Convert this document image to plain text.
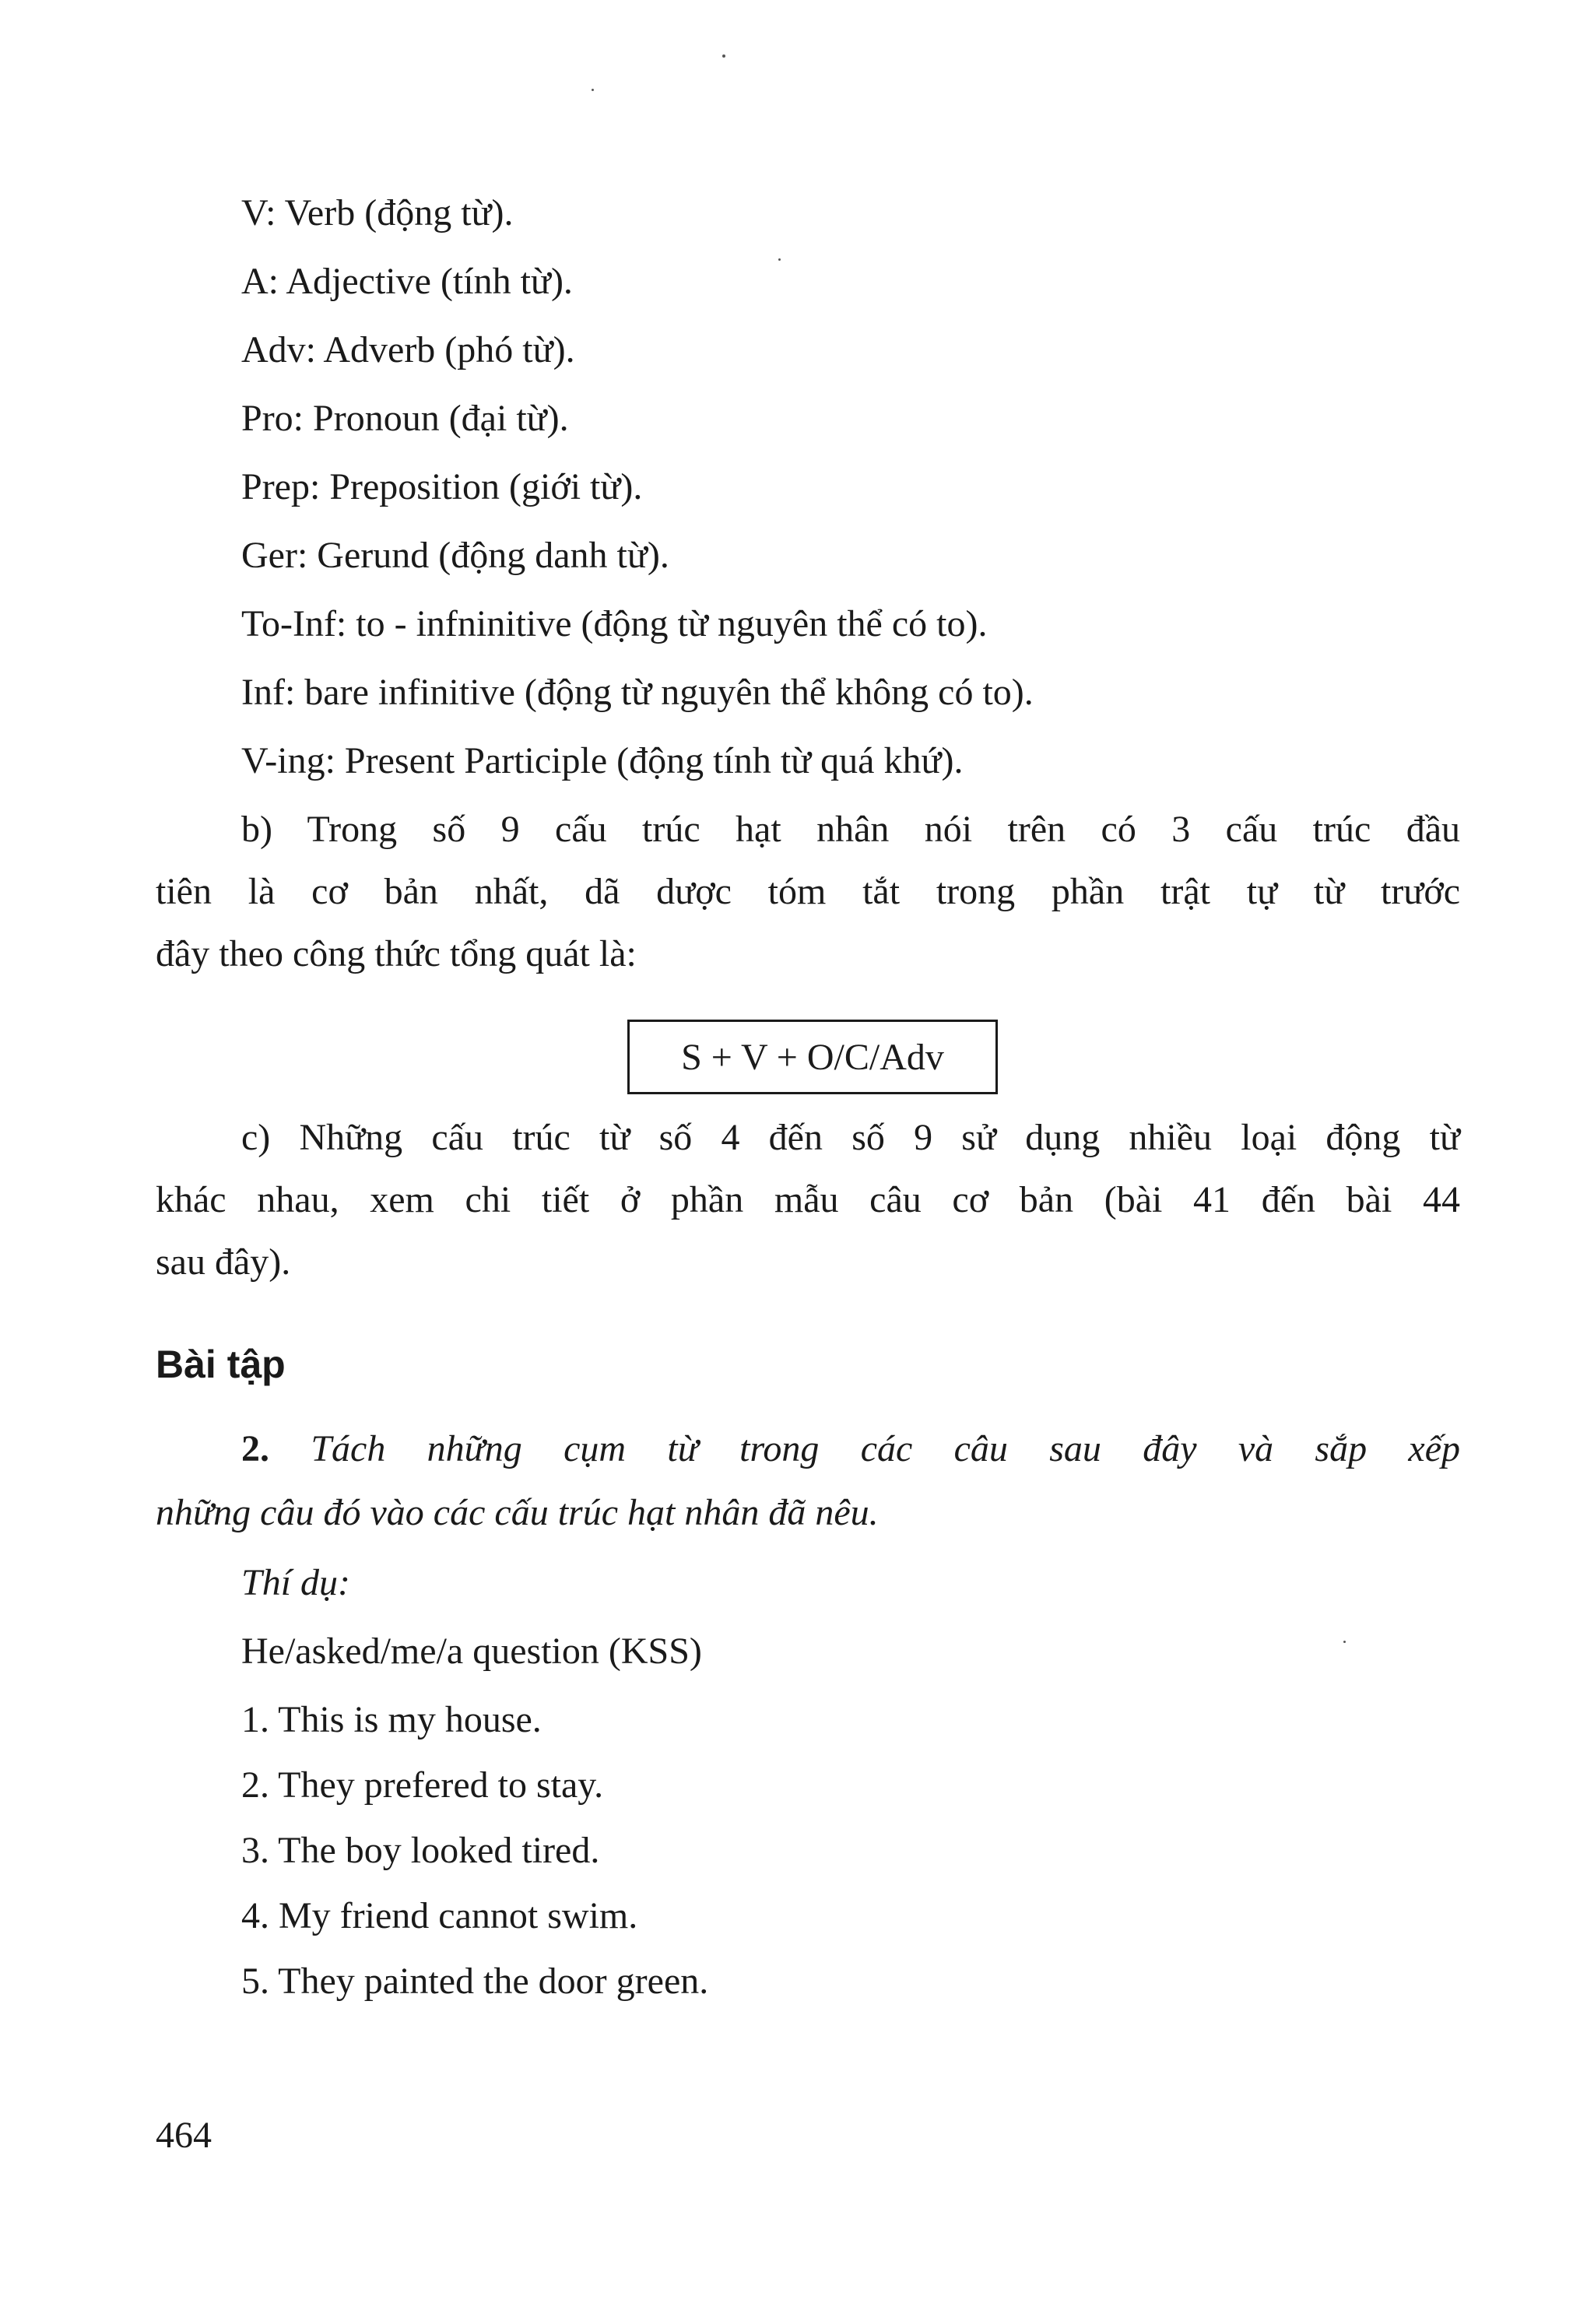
V: Verb (động từ).
A: Adjective (tính từ).
Adv: Adverb (phó từ).
Pro: Pronoun (đại từ).
Prep: Preposition (giới từ).
Ger: Gerund (động danh từ).
To-Inf: to - infninitive (động từ nguyên thể có to).
Inf: bare infinitive (động từ nguyên thể không có to).
V-ing: Present Participle (động tính từ quá khứ).
b) Trong số 9 cấu trúc hạt nhân nói trên có 3 cấu trúc đầu
tiên là cơ bản nhất, dã dược tóm tắt trong phần trật tự từ trước
đây theo công thức tổng quát là:
S + V + O/C/Adv
c) Những cấu trúc từ số 4 đến số 9 sử dụng nhiều loại động từ
khác nhau, xem chi tiết ở phần mẫu câu cơ bản (bài 41 đến bài 44
sau đây).
Bài tập
2. Tách những cụm từ trong các câu sau đây và sắp xếp
những câu đó vào các cấu trúc hạt nhân đã nêu.
Thí dụ:
He/asked/me/a question (KSS)
1. This is my house.
2. They prefered to stay.
3. The boy looked tired.
4. My friend cannot swim.
5. They painted the door green.
464
